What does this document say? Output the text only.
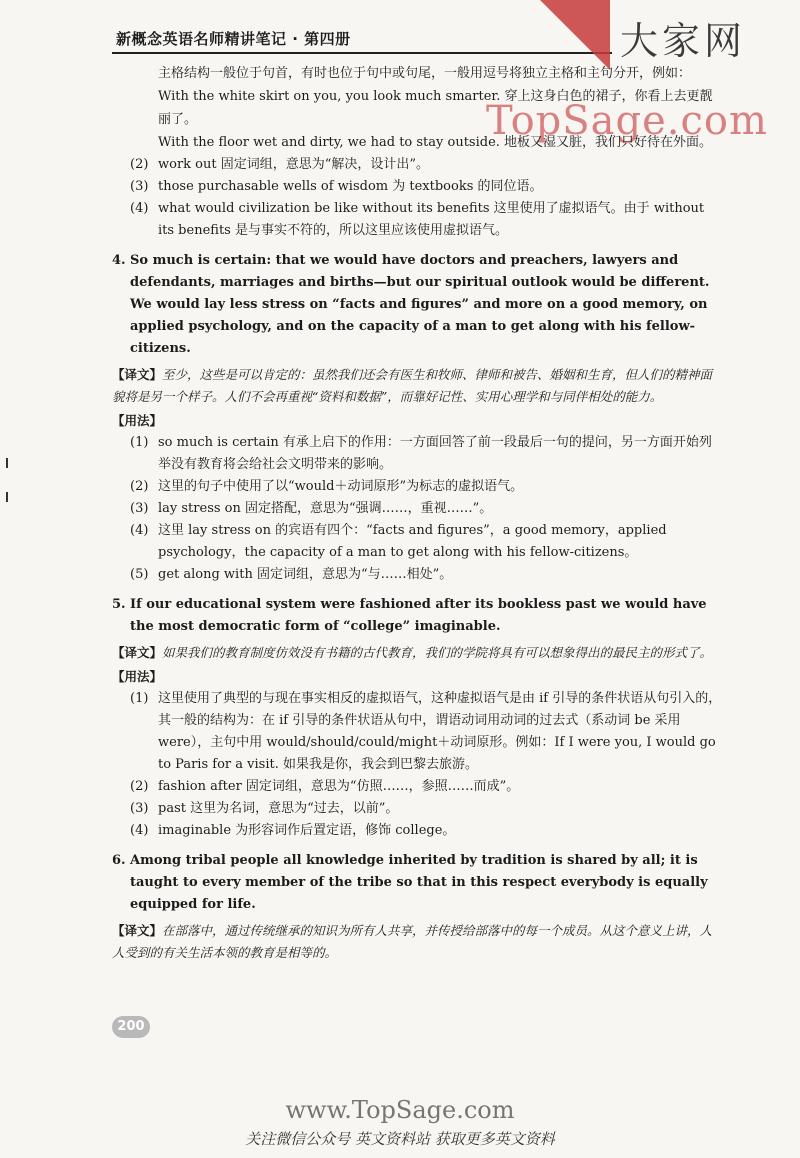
新概念英语名师精讲笔记 · 第四册	大家网
TopSage.com

主格结构一般位于句首，有时也位于句中或句尾，一般用逗号将独立主格和主句分开，例如：

With the white skirt on you, you look much smarter. 穿上这身白色的裙子，你看上去更靓丽了。

With the floor wet and dirty, we had to stay outside. 地板又湿又脏，我们只好待在外面。

(2) work out 固定词组，意思为“解决，设计出”。
(3) those purchasable wells of wisdom 为 textbooks 的同位语。
(4) what would civilization be like without its benefits 这里使用了虚拟语气。由于 without its benefits 是与事实不符的，所以这里应该使用虚拟语气。
4. So much is certain: that we would have doctors and preachers, lawyers and defendants, marriages and births—but our spiritual outlook would be different. We would lay less stress on “facts and figures” and more on a good memory, on applied psychology, and on the capacity of a man to get along with his fellow-citizens.
【译文】至少，这些是可以肯定的：虽然我们还会有医生和牧师、律师和被告、婚姻和生育，但人们的精神面貌将是另一个样子。人们不会再重视“资料和数据”，而靠好记性、实用心理学和与同伴相处的能力。
【用法】
(1) so much is certain 有承上启下的作用：一方面回答了前一段最后一句的提问，另一方面开始列举没有教育将会给社会文明带来的影响。
(2) 这里的句子中使用了以“would＋动词原形”为标志的虚拟语气。
(3) lay stress on 固定搭配，意思为“强调……，重视……”。
(4) 这里 lay stress on 的宾语有四个：“facts and figures”，a good memory，applied psychology，the capacity of a man to get along with his fellow-citizens。
(5) get along with 固定词组，意思为“与……相处”。
5. If our educational system were fashioned after its bookless past we would have the most democratic form of “college” imaginable.
【译文】如果我们的教育制度仿效没有书籍的古代教育，我们的学院将具有可以想象得出的最民主的形式了。
【用法】
(1) 这里使用了典型的与现在事实相反的虚拟语气，这种虚拟语气是由 if 引导的条件状语从句引入的，其一般的结构为：在 if 引导的条件状语从句中，谓语动词用动词的过去式（系动词 be 采用 were），主句中用 would/should/could/might＋动词原形。例如：If I were you, I would go to Paris for a visit. 如果我是你，我会到巴黎去旅游。
(2) fashion after 固定词组，意思为“仿照……，参照……而成”。
(3) past 这里为名词，意思为“过去，以前”。
(4) imaginable 为形容词作后置定语，修饰 college。
6. Among tribal people all knowledge inherited by tradition is shared by all; it is taught to every member of the tribe so that in this respect everybody is equally equipped for life.
【译文】在部落中，通过传统继承的知识为所有人共享，并传授给部落中的每一个成员。从这个意义上讲，人人受到的有关生活本领的教育是相等的。
200
www.TopSage.com
关注微信公众号 英文资料站 获取更多英文资料
